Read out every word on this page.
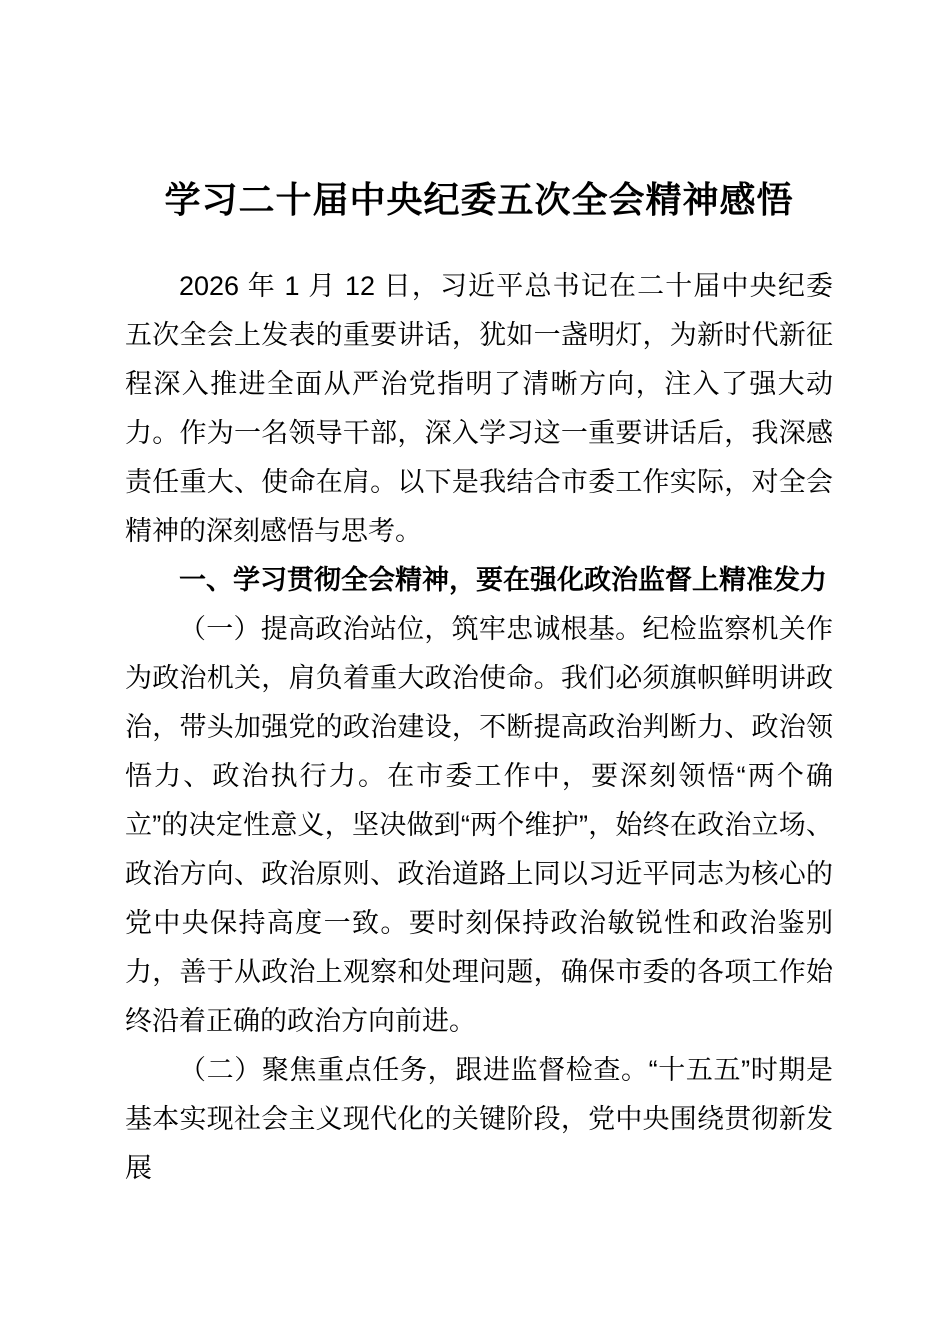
学习二十届中央纪委五次全会精神感悟

2026 年 1 月 12 日，习近平总书记在二十届中央纪委五次全会上发表的重要讲话，犹如一盏明灯，为新时代新征程深入推进全面从严治党指明了清晰方向，注入了强大动力。作为一名领导干部，深入学习这一重要讲话后，我深感责任重大、使命在肩。以下是我结合市委工作实际，对全会精神的深刻感悟与思考。

一、学习贯彻全会精神，要在强化政治监督上精准发力

（一）提高政治站位，筑牢忠诚根基。纪检监察机关作为政治机关，肩负着重大政治使命。我们必须旗帜鲜明讲政治，带头加强党的政治建设，不断提高政治判断力、政治领悟力、政治执行力。在市委工作中，要深刻领悟“两个确立”的决定性意义，坚决做到“两个维护”，始终在政治立场、政治方向、政治原则、政治道路上同以习近平同志为核心的党中央保持高度一致。要时刻保持政治敏锐性和政治鉴别力，善于从政治上观察和处理问题，确保市委的各项工作始终沿着正确的政治方向前进。

（二）聚焦重点任务，跟进监督检查。“十五五”时期是基本实现社会主义现代化的关键阶段，党中央围绕贯彻新发展
